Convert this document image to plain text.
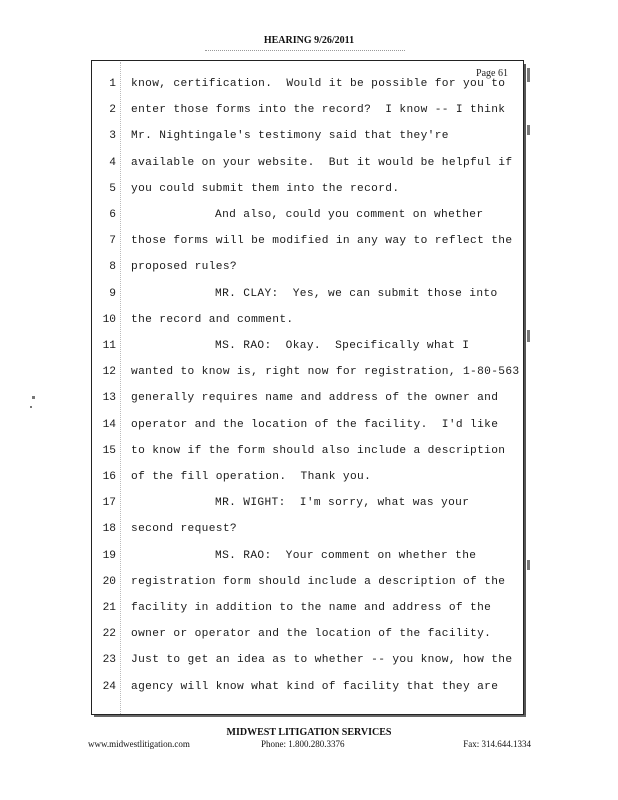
HEARING 9/26/2011
Page 61
1 know, certification.  Would it be possible for you to
2 enter those forms into the record?  I know -- I think
3 Mr. Nightingale's testimony said that they're
4 available on your website.  But it would be helpful if
5 you could submit them into the record.
6	And also, could you comment on whether
7 those forms will be modified in any way to reflect the
8 proposed rules?
9	MR. CLAY:  Yes, we can submit those into
10 the record and comment.
11	MS. RAO:  Okay.  Specifically what I
12 wanted to know is, right now for registration, 1-80-563
13 generally requires name and address of the owner and
14 operator and the location of the facility.  I'd like
15 to know if the form should also include a description
16 of the fill operation.  Thank you.
17	MR. WIGHT:  I'm sorry, what was your
18 second request?
19	MS. RAO:  Your comment on whether the
20 registration form should include a description of the
21 facility in addition to the name and address of the
22 owner or operator and the location of the facility.
23 Just to get an idea as to whether -- you know, how the
24 agency will know what kind of facility that they are
MIDWEST LITIGATION SERVICES
www.midwestlitigation.com	Phone: 1.800.280.3376	Fax: 314.644.1334
